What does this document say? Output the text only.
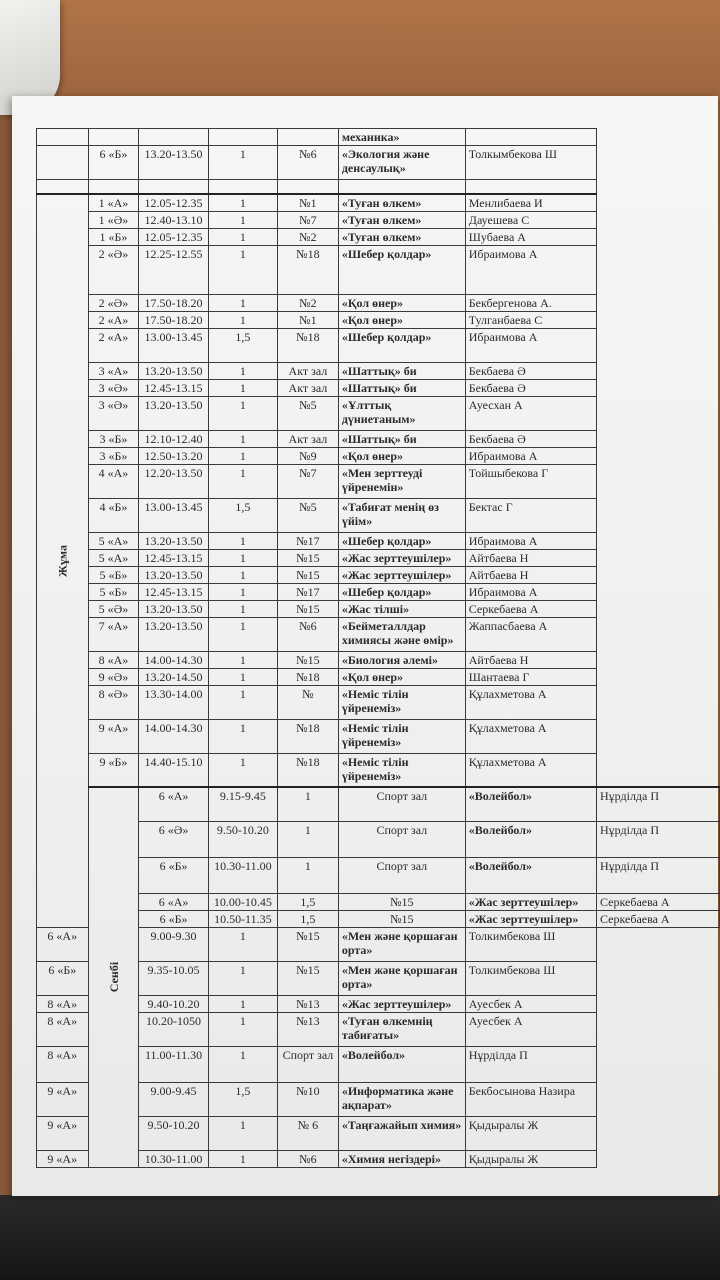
					механика»		
	6 «Б»	13.20-13.50	1	№6	«Экология және денсаулық»	Толкымбекова Ш	

Жұма	1 «А»	12.05-12.35	1	№1	«Туған өлкем»	Менлибаева И	
	1 «Ә»	12.40-13.10	1	№7	«Туған өлкем»	Дауешева С	
	1 «Б»	12.05-12.35	1	№2	«Туған өлкем»	Шубаева А	
	2 «Ә»	12.25-12.55	1	№18	«Шебер қолдар»	Ибраимова А	
	2 «Ә»	17.50-18.20	1	№2	«Қол өнер»	Бекбергенова А.	
	2 «А»	17.50-18.20	1	№1	«Қол өнер»	Тулганбаева С	
	2 «А»	13.00-13.45	1,5	№18	«Шебер қолдар»	Ибраимова А	
	3 «А»	13.20-13.50	1	Акт зал	«Шаттық» би	Бекбаева Ә	
	3 «Ә»	12.45-13.15	1	Акт зал	«Шаттық» би	Бекбаева Ә	
	3 «Ә»	13.20-13.50	1	№5	«Ұлттық дүниетаным»	Ауесхан А	
	3 «Б»	12.10-12.40	1	Акт зал	«Шаттық» би	Бекбаева Ә	
	3 «Б»	12.50-13.20	1	№9	«Қол өнер»	Ибраимова А	
	4 «А»	12.20-13.50	1	№7	«Мен зерттеуді үйренемін»	Тойшыбекова Г	
	4 «Б»	13.00-13.45	1,5	№5	«Табиғат менің өз үйім»	Бектас Г	
	5 «А»	13.20-13.50	1	№17	«Шебер қолдар»	Ибраимова А	
	5 «А»	12.45-13.15	1	№15	«Жас зерттеушілер»	Айтбаева Н	
	5 «Б»	13.20-13.50	1	№15	«Жас зерттеушілер»	Айтбаева Н	
	5 «Б»	12.45-13.15	1	№17	«Шебер қолдар»	Ибраимова А	
	5 «Ә»	13.20-13.50	1	№15	«Жас тілші»	Серкебаева А	
	7 «А»	13.20-13.50	1	№6	«Бейметаллдар химиясы және өмір»	Жаппасбаева А	
	8 «А»	14.00-14.30	1	№15	«Биология әлемі»	Айтбаева Н	
	9 «Ә»	13.20-14.50	1	№18	«Қол өнер»	Шантаева Г	
	8 «Ә»	13.30-14.00	1	№	«Неміс тілін үйренеміз»	Құлахметова А	
	9 «А»	14.00-14.30	1	№18	«Неміс тілін үйренеміз»	Құлахметова А	
	9 «Б»	14.40-15.10	1	№18	«Неміс тілін үйренеміз»	Құлахметова А	

	Сенбі	6 «А»	9.15-9.45	1	Спорт зал	«Волейбол»	Нұрділда П
		6 «Ә»	9.50-10.20	1	Спорт зал	«Волейбол»	Нұрділда П
		6 «Б»	10.30-11.00	1	Спорт зал	«Волейбол»	Нұрділда П
		6 «А»	10.00-10.45	1,5	№15	«Жас зерттеушілер»	Серкебаева А
		6 «Б»	10.50-11.35	1,5	№15	«Жас зерттеушілер»	Серкебаева А
6 «А»		9.00-9.30	1	№15	«Мен және қоршаған орта»	Толкимбекова Ш	
6 «Б»		9.35-10.05	1	№15	«Мен және қоршаған орта»	Толкимбекова Ш	
8 «А»		9.40-10.20	1	№13	«Жас зерттеушілер»	Ауесбек А	
8 «А»		10.20-1050	1	№13	«Туған өлкемнің табиғаты»	Ауесбек А	
8 «А»		11.00-11.30	1	Спорт зал	«Волейбол»	Нұрділда П	
9 «А»		9.00-9.45	1,5	№10	«Информатика және ақпарат»	Бекбосынова Назира	
9 «А»		9.50-10.20	1	№ 6	«Таңғажайып химия»	Қыдыралы Ж	
9 «А»		10.30-11.00	1	№6	«Химия негіздері»	Қыдыралы Ж	
